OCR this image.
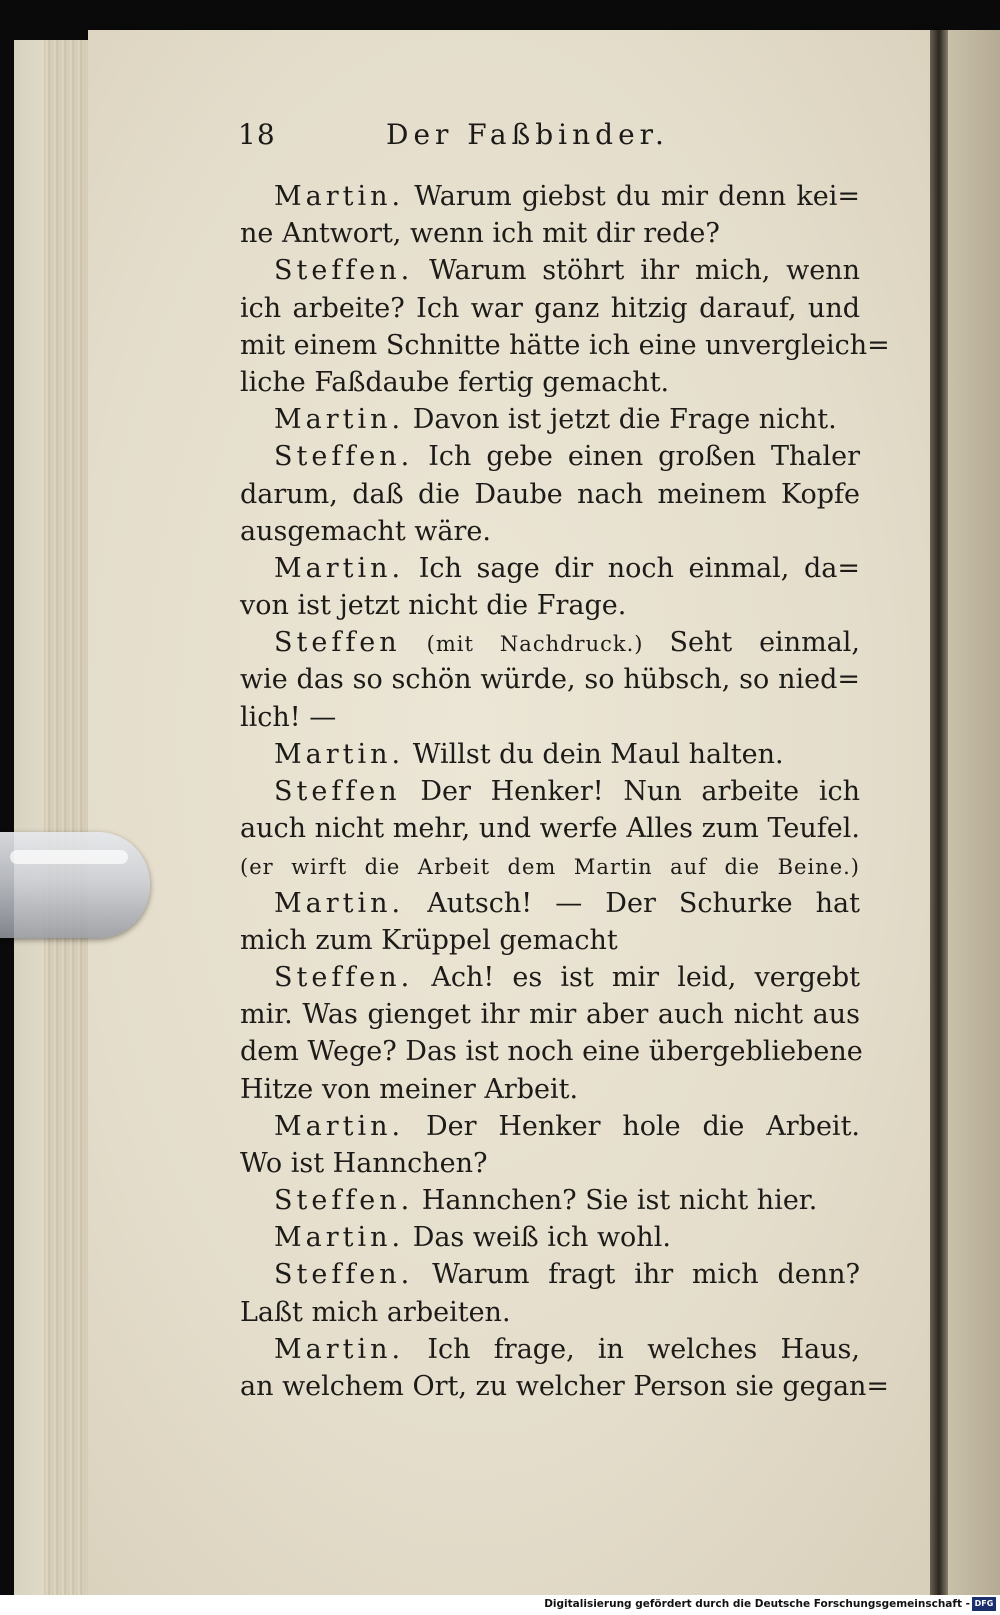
18	Der Faßbinder.
Martin. Warum giebst du mir denn kei=
ne Antwort, wenn ich mit dir rede?
Steffen. Warum stöhrt ihr mich, wenn
ich arbeite? Ich war ganz hitzig darauf, und
mit einem Schnitte hätte ich eine unvergleich=
liche Faßdaube fertig gemacht.
Martin. Davon ist jetzt die Frage nicht.
Steffen. Ich gebe einen großen Thaler
darum, daß die Daube nach meinem Kopfe
ausgemacht wäre.
Martin. Ich sage dir noch einmal, da=
von ist jetzt nicht die Frage.
Steffen (mit Nachdruck.) Seht einmal,
wie das so schön würde, so hübsch, so nied=
lich! —
Martin. Willst du dein Maul halten.
Steffen Der Henker! Nun arbeite ich
auch nicht mehr, und werfe Alles zum Teufel.
(er wirft die Arbeit dem Martin auf die Beine.)
Martin. Autsch! — Der Schurke hat
mich zum Krüppel gemacht
Steffen. Ach! es ist mir leid, vergebt
mir. Was gienget ihr mir aber auch nicht aus
dem Wege? Das ist noch eine übergebliebene
Hitze von meiner Arbeit.
Martin. Der Henker hole die Arbeit.
Wo ist Hannchen?
Steffen. Hannchen? Sie ist nicht hier.
Martin. Das weiß ich wohl.
Steffen. Warum fragt ihr mich denn?
Laßt mich arbeiten.
Martin. Ich frage, in welches Haus,
an welchem Ort, zu welcher Person sie gegan=
Digitalisierung gefördert durch die Deutsche Forschungsgemeinschaft - DFG
